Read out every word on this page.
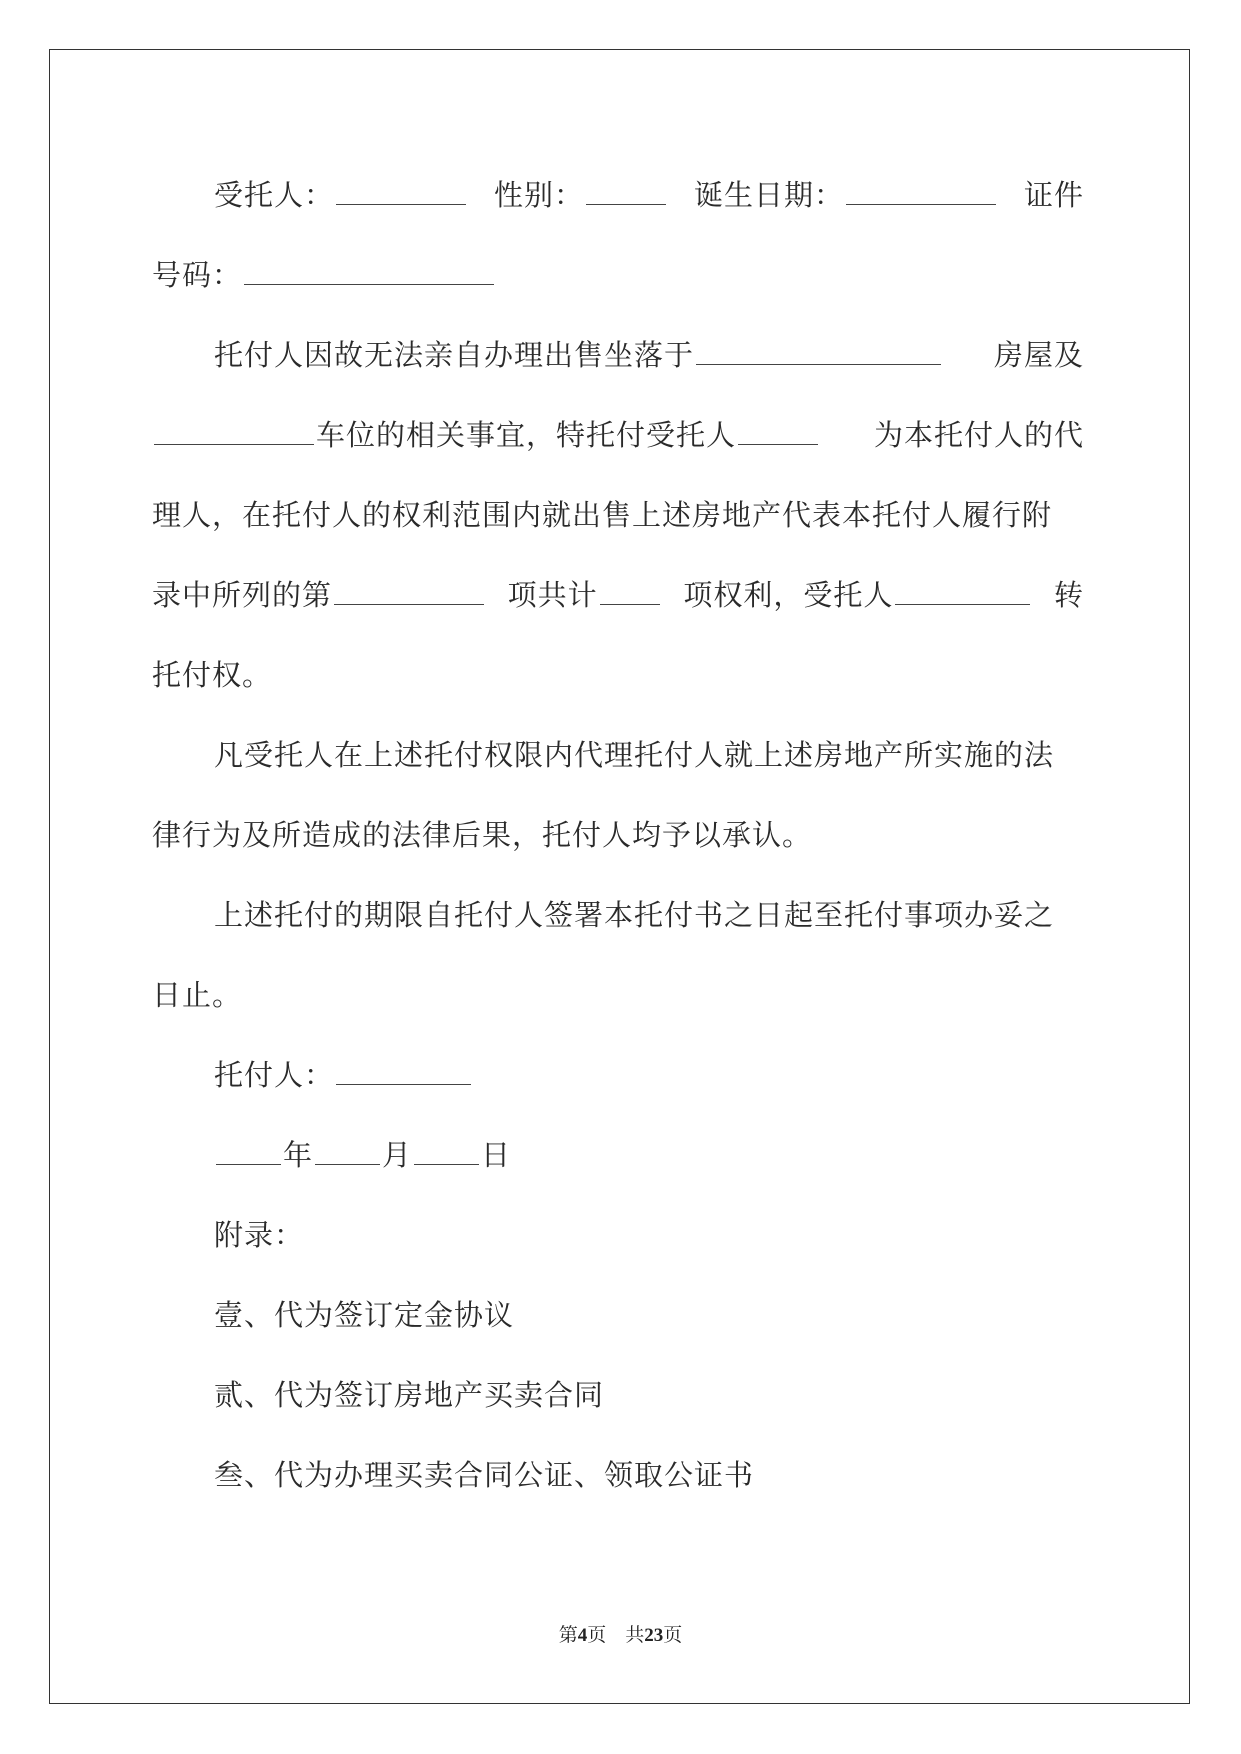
受托人：	性别：	诞生日期：	证件
号码：
托付人因故无法亲自办理出售坐落于	房屋及
车位的相关事宜，特托付受托人	为本托付人的代
理人，在托付人的权利范围内就出售上述房地产代表本托付人履行附
录中所列的第	项共计	项权利，受托人	转
托付权。
凡受托人在上述托付权限内代理托付人就上述房地产所实施的法
律行为及所造成的法律后果，托付人均予以承认。
上述托付的期限自托付人签署本托付书之日起至托付事项办妥之
日止。
托付人：
年 月 日
附录：
壹、代为签订定金协议
贰、代为签订房地产买卖合同
叁、代为办理买卖合同公证、领取公证书
第4页　共23页
